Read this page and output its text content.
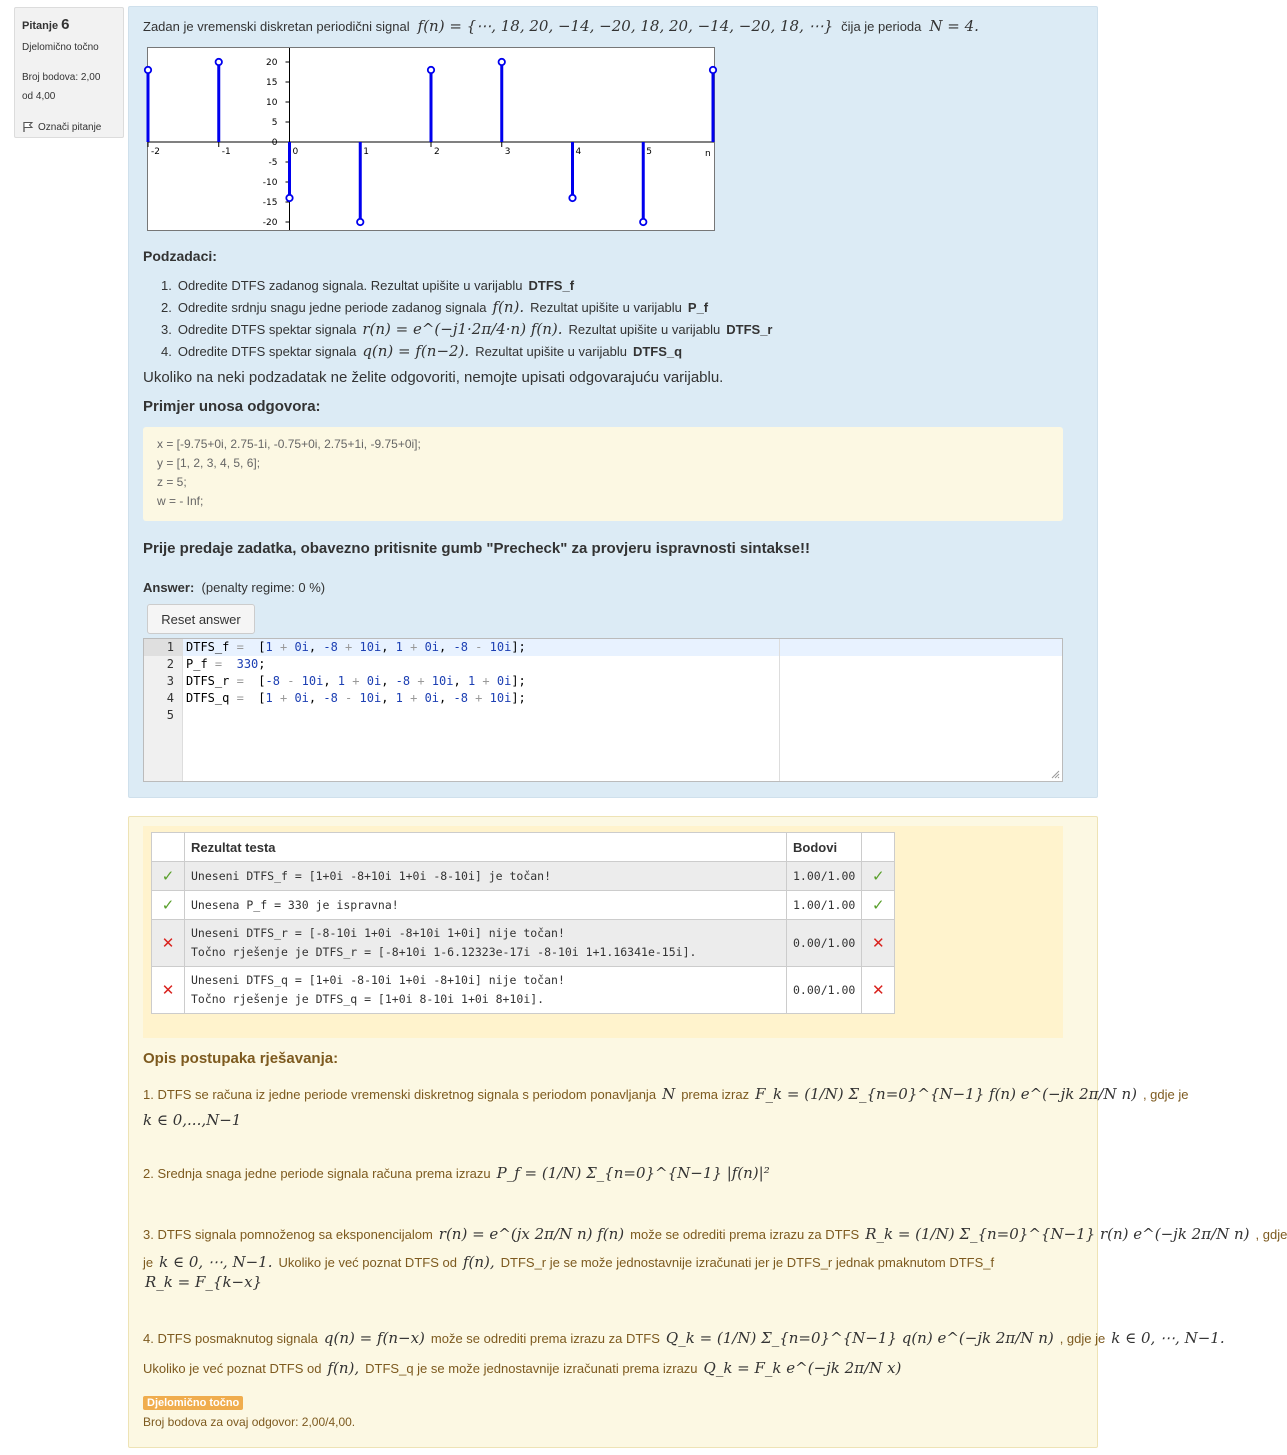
Pitanje 6
Djelomično točno
Broj bodova: 2,00
od 4,00
Označi pitanje
Zadan je vremenski diskretan periodični signal f(n) = {⋯, 18, 20, −14, −20, 18, 20, −14, −20, 18, ⋯} čija je perioda N = 4.
20
15
10
5
0
-5
-10
-15
-20
-2	-1	0	1	2	3	4	5	n
Podzadaci:
1. Odredite DTFS zadanog signala. Rezultat upišite u varijablu DTFS_f
2. Odredite srdnju snagu jedne periode zadanog signala f(n). Rezultat upišite u varijablu P_f
3. Odredite DTFS spektar signala r(n) = e^(−j1·2π/4·n) f(n). Rezultat upišite u varijablu DTFS_r
4. Odredite DTFS spektar signala q(n) = f(n−2). Rezultat upišite u varijablu DTFS_q
Ukoliko na neki podzadatak ne želite odgovoriti, nemojte upisati odgovarajuću varijablu.
Primjer unosa odgovora:
x = [-9.75+0i, 2.75-1i, -0.75+0i, 2.75+1i, -9.75+0i];
y = [1, 2, 3, 4, 5, 6];
z = 5;
w = - Inf;
Prije predaje zadatka, obavezno pritisnite gumb "Precheck" za provjeru ispravnosti sintakse!!
Answer: (penalty regime: 0 %)
Reset answer
1
2
3
4
5
DTFS_f =  [1 + 0i, -8 + 10i, 1 + 0i, -8 - 10i];
P_f = 330;
DTFS_r =  [-8 - 10i, 1 + 0i, -8 + 10i, 1 + 0i];
DTFS_q =  [1 + 0i, -8 - 10i, 1 + 0i, -8 + 10i];
	Rezultat testa	Bodovi	
✓	Uneseni DTFS_f = [1+0i -8+10i 1+0i -8-10i] je točan!	1.00/1.00	✓
✓	Unesena P_f = 330 je ispravna!	1.00/1.00	✓
✕	Uneseni DTFS_r = [-8-10i 1+0i -8+10i 1+0i] nije točan!
Točno rješenje je DTFS_r = [-8+10i 1-6.12323e-17i -8-10i 1+1.16341e-15i].	0.00/1.00	✕
✕	Uneseni DTFS_q = [1+0i -8-10i 1+0i -8+10i] nije točan!
Točno rješenje je DTFS_q = [1+0i 8-10i 1+0i 8+10i].	0.00/1.00	✕
Opis postupaka rješavanja:
1. DTFS se računa iz jedne periode vremenski diskretnog signala s periodom ponavljanja N prema izraz F_k = (1/N) Σ_{n=0}^{N−1} f(n) e^(−jk 2π/N n) , gdje je
k ∈ 0,...,N−1
2. Srednja snaga jedne periode signala računa prema izrazu P_f = (1/N) Σ_{n=0}^{N−1} |f(n)|²
3. DTFS signala pomnoženog sa eksponencijalom r(n) = e^(jx 2π/N n) f(n) može se odrediti prema izrazu za DTFS R_k = (1/N) Σ_{n=0}^{N−1} r(n) e^(−jk 2π/N n) , gdje
je k ∈ 0, ⋯, N−1. Ukoliko je već poznat DTFS od f(n), DTFS_r je se može jednostavnije izračunati jer je DTFS_r jednak pmaknutom DTFS_f
R_k = F_{k−x}
4. DTFS posmaknutog signala q(n) = f(n−x) može se odrediti prema izrazu za DTFS Q_k = (1/N) Σ_{n=0}^{N−1} q(n) e^(−jk 2π/N n) , gdje je k ∈ 0, ⋯, N−1.
Ukoliko je već poznat DTFS od f(n), DTFS_q je se može jednostavnije izračunati prema izrazu Q_k = F_k e^(−jk 2π/N x)
Djelomično točno
Broj bodova za ovaj odgovor: 2,00/4,00.
